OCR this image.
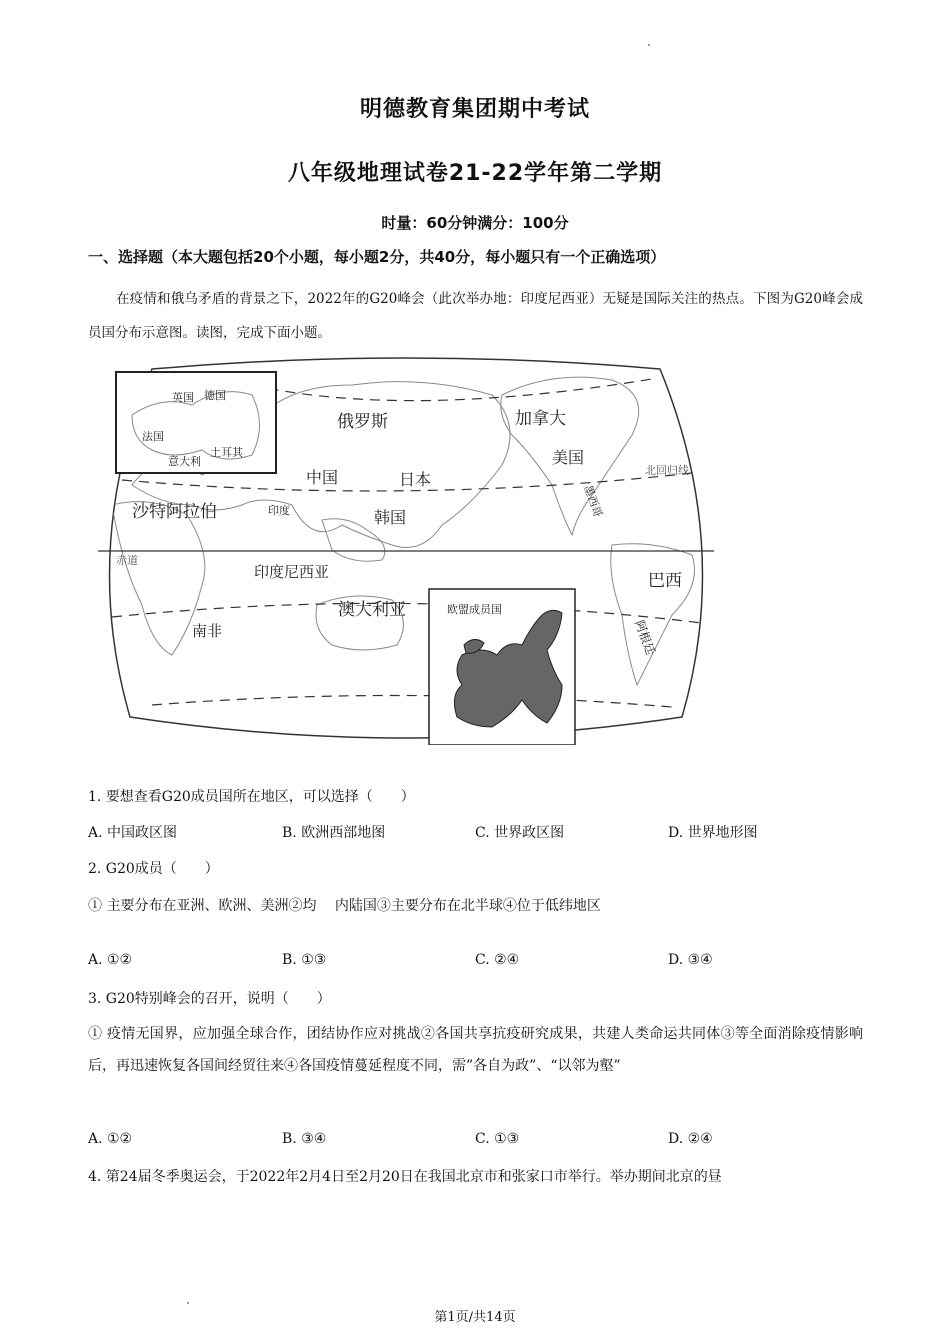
明德教育集团期中考试
八年级地理试卷21-22学年第二学期
时量：60分钟满分：100分
一、选择题（本大题包括20个小题，每小题2分，共40分，每小题只有一个正确选项）
在疫情和俄乌矛盾的背景之下，2022年的G20峰会（此次举办地：印度尼西亚）无疑是国际关注的热点。下图为G20峰会成员国分布示意图。读图，完成下面小题。
英国 德国
法国
意大利
土耳其
俄罗斯	加拿大
美国
中国	日本
韩国
印度
沙特阿拉伯	墨西哥
北回归线
赤道
印度尼西亚
澳大利亚
南非
巴西
阿根廷
欧盟成员国
1. 要想查看G20成员国所在地区，可以选择（　　）
A. 中国政区图	B. 欧洲西部地图	C. 世界政区图	D. 世界地形图
2. G20成员（　　）
① 主要分布在亚洲、欧洲、美洲②均　 内陆国③主要分布在北半球④位于低纬地区
A. ①②	B. ①③	C. ②④	D. ③④
3. G20特别峰会的召开，说明（　　）
① 疫情无国界，应加强全球合作，团结协作应对挑战②各国共享抗疫研究成果，共建人类命运共同体③等全面消除疫情影响后，再迅速恢复各国间经贸往来④各国疫情蔓延程度不同，需”各自为政”、“以邻为壑”
A. ①②	B. ③④	C. ①③	D. ②④
4. 第24届冬季奥运会，于2022年2月4日至2月20日在我国北京市和张家口市举行。举办期间北京的昼
第1页/共14页
